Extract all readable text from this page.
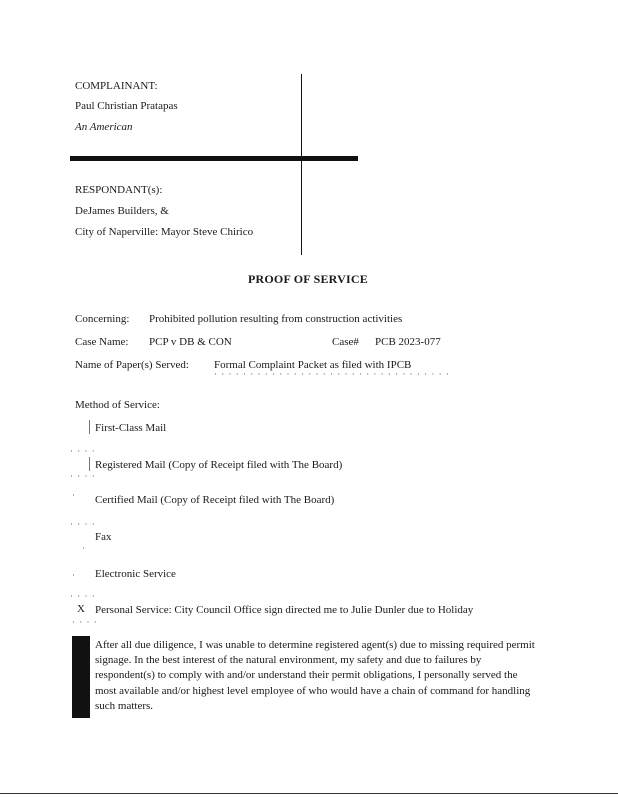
COMPLAINANT:
Paul Christian Pratapas
An American
RESPONDANT(s):
DeJames Builders, &
City of Naperville: Mayor Steve Chirico
PROOF OF SERVICE
Concerning: Prohibited pollution resulting from construction activities
Case Name: PCP v DB & CON	Case# PCB 2023-077
Name of Paper(s) Served: Formal Complaint Packet as filed with IPCB
· · · · · · · · · · · · · · · · · · · · · · · · · · · · · · · · ·
Method of Service:
First-Class Mail
· · · ·
Registered Mail (Copy of Receipt filed with The Board)
· · · ·
· Certified Mail (Copy of Receipt filed with The Board)
· · · ·
Fax
·
· Electronic Service
· · · ·
X Personal Service: City Council Office sign directed me to Julie Dunler due to Holiday
· · · ·
After all due diligence, I was unable to determine registered agent(s) due to missing required permit signage. In the best interest of the natural environment, my safety and due to failures by respondent(s) to comply with and/or understand their permit obligations, I personally served the most available and/or highest level employee of who would have a chain of command for handling such matters.
